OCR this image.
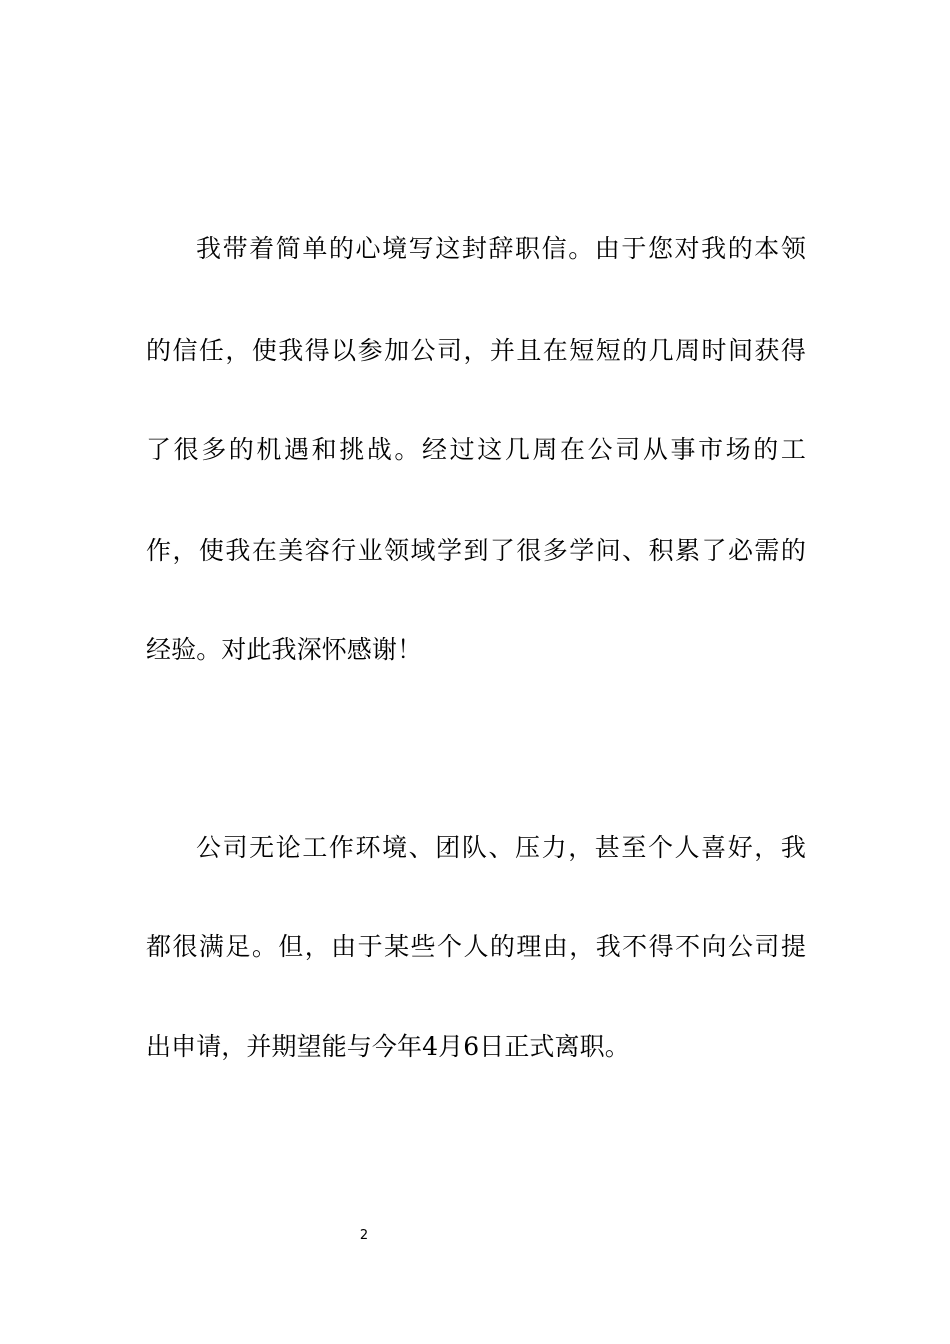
我带着简单的心境写这封辞职信。由于您对我的本领
的信任，使我得以参加公司，并且在短短的几周时间获得
了很多的机遇和挑战。经过这几周在公司从事市场的工
作，使我在美容行业领域学到了很多学问、积累了必需的
经验。对此我深怀感谢！
公司无论工作环境、团队、压力，甚至个人喜好，我
都很满足。但，由于某些个人的理由，我不得不向公司提
出申请，并期望能与今年4月6日正式离职。
2
